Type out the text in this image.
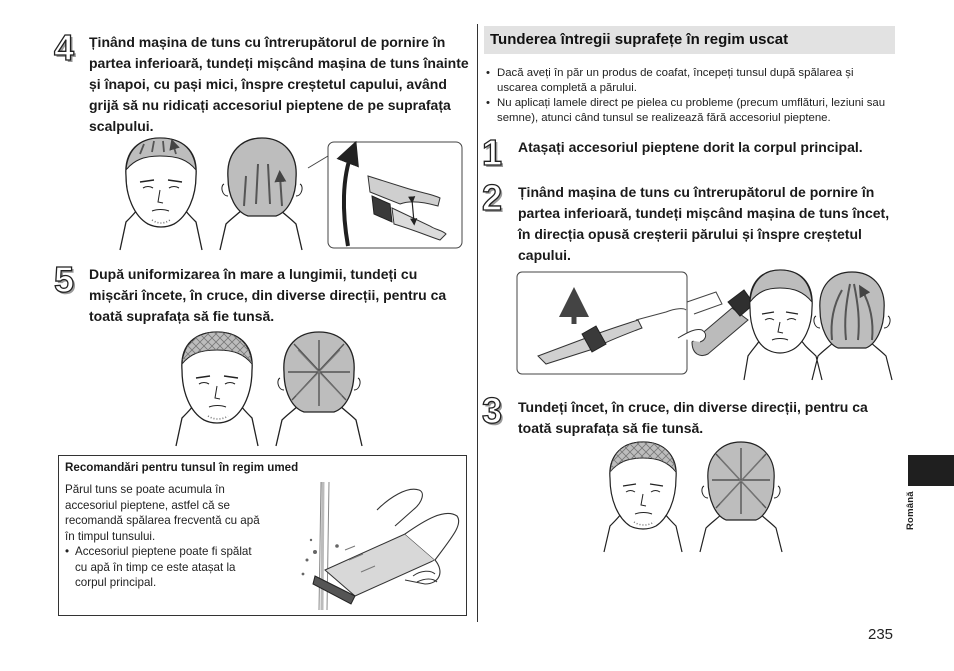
4 Ținând mașina de tuns cu întrerupătorul de pornire în partea inferioară, tundeți mișcând mașina de tuns înainte și înapoi, cu pași mici, înspre creștetul capului, având grijă să nu ridicați accesoriul pieptene de pe suprafața scalpului.
5 După uniformizarea în mare a lungimii, tundeți cu mișcări încete, în cruce, din diverse direcții, pentru ca toată suprafața să fie tunsă.
Recomandări pentru tunsul în regim umed
Părul tuns se poate acumula în accesoriul pieptene, astfel că se recomandă spălarea frecventă cu apă în timpul tunsului.
• Accesoriul pieptene poate fi spălat cu apă în timp ce este atașat la corpul principal.
Tunderea întregii suprafețe în regim uscat
• Dacă aveți în păr un produs de coafat, începeți tunsul după spălarea și uscarea completă a părului.
• Nu aplicați lamele direct pe pielea cu probleme (precum umflături, leziuni sau semne), atunci când tunsul se realizează fără accesoriul pieptene.
1 Atașați accesoriul pieptene dorit la corpul principal.
2 Ținând mașina de tuns cu întrerupătorul de pornire în partea inferioară, tundeți mișcând mașina de tuns încet, în direcția opusă creșterii părului și înspre creștetul capului.
3 Tundeți încet, în cruce, din diverse direcții, pentru ca toată suprafața să fie tunsă.
Română
235
